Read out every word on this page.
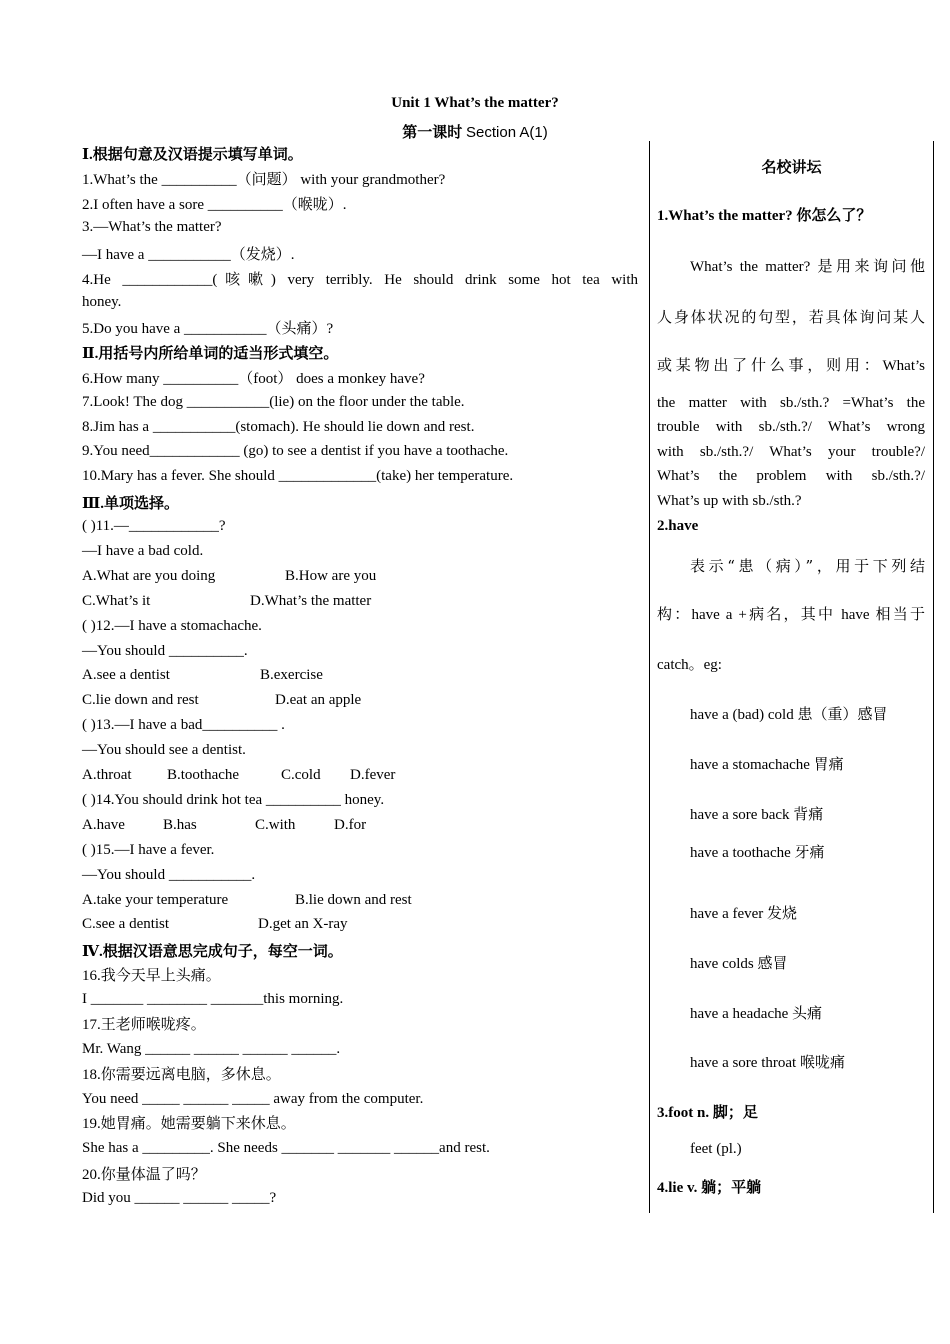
Unit 1 What’s the matter?
第一课时 Section A(1)
Ⅰ.根据句意及汉语提示填写单词。
1.What’s the __________（问题） with your grandmother?
2.I often have a sore __________（喉咙）.
3.—What’s the matter?
—I have a ___________（发烧）.
4.He ____________(咳嗽) very terribly. He should drink some hot tea with
honey.
5.Do you have a ___________（头痛）?
Ⅱ.用括号内所给单词的适当形式填空。
6.How many __________（foot） does a monkey have?
7.Look! The dog ___________(lie) on the floor under the table.
8.Jim has a ___________(stomach). He should lie down and rest.
9.You need____________ (go) to see a dentist if you have a toothache.
10.Mary has a fever. She should _____________(take) her temperature.
Ⅲ.单项选择。
( )11.—____________?
—I have a bad cold.
A.What are you doing	B.How are you
C.What’s it	D.What’s the matter
( )12.—I have a stomachache.
—You should __________.
A.see a dentist	B.exercise
C.lie down and rest	D.eat an apple
( )13.—I have a bad__________ .
—You should see a dentist.
A.throat B.toothache	C.cold D.fever
( )14.You should drink hot tea __________ honey.
A.have	B.has	C.with	D.for
( )15.—I have a fever.
—You should ___________.
A.take your temperature	B.lie down and rest
C.see a dentist	D.get an X-ray
Ⅳ.根据汉语意思完成句子，每空一词。
16.我今天早上头痛。
I _______ ________ _______this morning.
17.王老师喉咙疼。
Mr. Wang ______ ______ ______ ______.
18.你需要远离电脑，多休息。
You need _____ ______ _____ away from the computer.
19.她胃痛。她需要躺下来休息。
She has a _________. She needs _______ _______ ______and rest.
20.你量体温了吗？
Did you ______ ______ _____?
名校讲坛
1.What’s the matter? 你怎么了？
What’s the matter? 是用来询问他
人身体状况的句型，若具体询问某人
或某物出了什么事，则用：What’s
the matter with sb./sth.? =What’s the
trouble with sb./sth.?/ What’s wrong
with sb./sth.?/ What’s your trouble?/
What’s the problem with sb./sth.?/
What’s up with sb./sth.?
2.have
表示“患（病）”，用于下列结
构：have a +病名，其中 have 相当于
catch。eg:
have a (bad) cold 患（重）感冒
have a stomachache 胃痛
have a sore back 背痛
have a toothache 牙痛
have a fever 发烧
have colds 感冒
have a headache 头痛
have a sore throat 喉咙痛
3.foot n. 脚；足
feet (pl.)
4.lie v. 躺；平躺
